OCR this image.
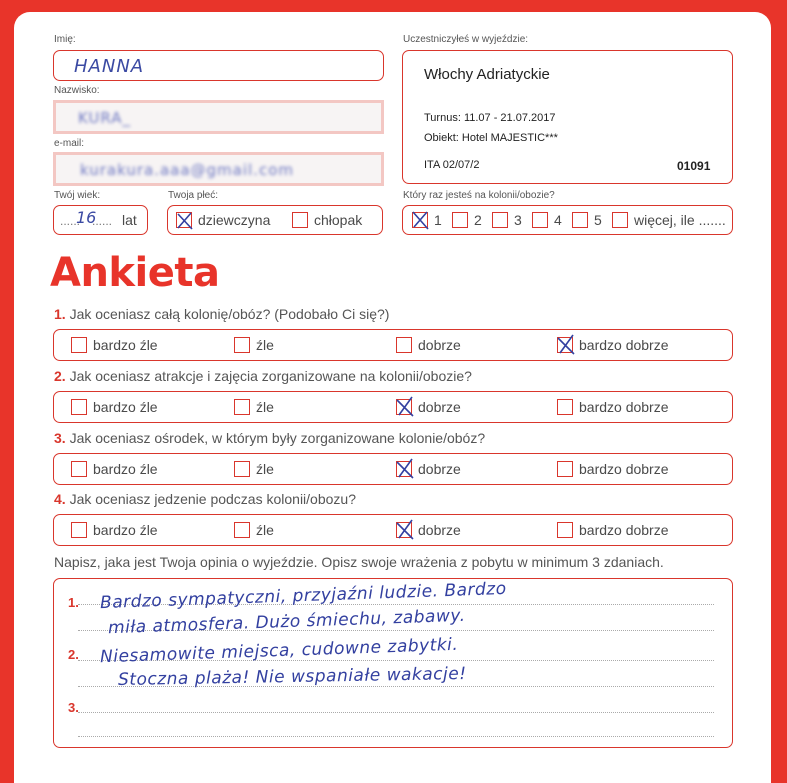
Imię:
HANNA
Nazwisko:
KURA_
e-mail:
kurakura.aaa@gmail.com
Twój wiek:
......
16
...... lat
Twoja płeć:
dziewczyna	chłopak
Uczestniczyłeś w wyjeździe:
Włochy Adriatyckie
Turnus: 11.07 - 21.07.2017
Obiekt: Hotel MAJESTIC***
ITA 02/07/2	01091
Który raz jesteś na kolonii/obozie?
1 2 3 4 5 więcej, ile .......
Ankieta
1. Jak oceniasz całą kolonię/obóz? (Podobało Ci się?)
bardzo źle	źle	dobrze	bardzo dobrze
2. Jak oceniasz atrakcje i zajęcia zorganizowane na kolonii/obozie?
bardzo źle	źle	dobrze	bardzo dobrze
3. Jak oceniasz ośrodek, w którym były zorganizowane kolonie/obóz?
bardzo źle	źle	dobrze	bardzo dobrze
4. Jak oceniasz jedzenie podczas kolonii/obozu?
bardzo źle	źle	dobrze	bardzo dobrze
Napisz, jaka jest Twoja opinia o wyjeździe. Opisz swoje wrażenia z pobytu w minimum 3 zdaniach.
1.
2.
3.
Bardzo sympatyczni, przyjaźni ludzie. Bardzo
miła atmosfera. Dużo śmiechu, zabawy.
Niesamowite miejsca, cudowne zabytki.
Stoczna plaża! Nie wspaniałe wakacje!
